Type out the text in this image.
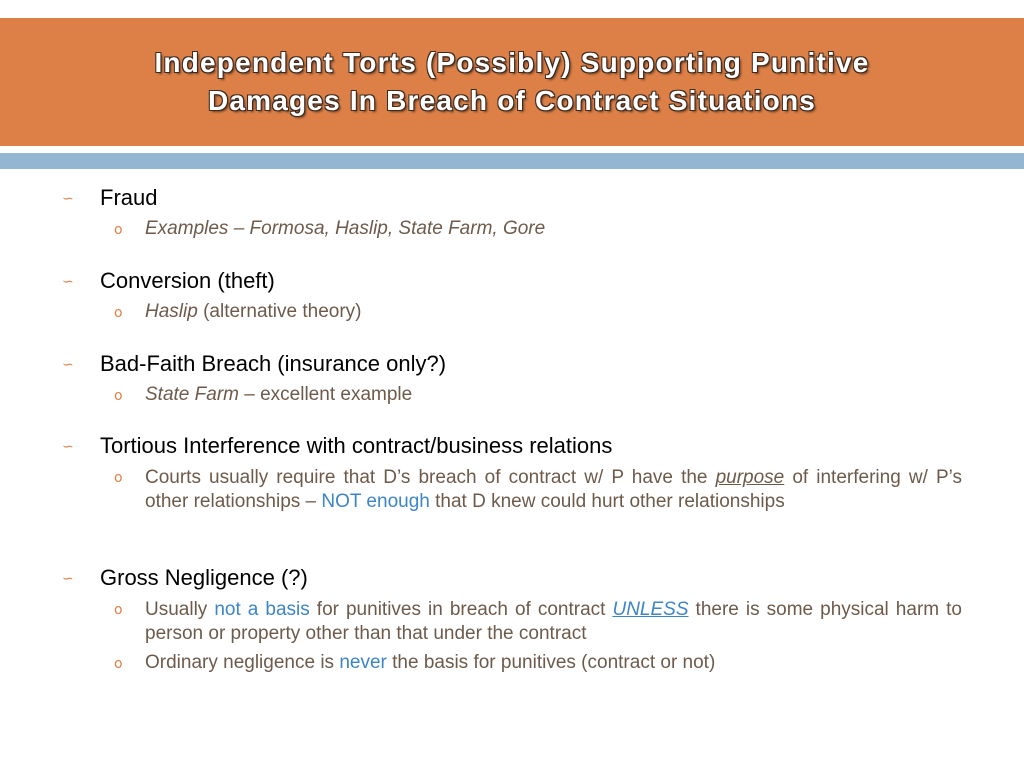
Independent Torts (Possibly) Supporting Punitive
Damages In Breach of Contract Situations
∽ Fraud
o Examples – Formosa, Haslip, State Farm, Gore
∽ Conversion (theft)
o Haslip (alternative theory)
∽ Bad-Faith Breach (insurance only?)
o State Farm – excellent example
∽ Tortious Interference with contract/business relations
o Courts usually require that D’s breach of contract w/ P have the purpose of interfering w/ P’s other relationships – NOT enough that D knew could hurt other relationships
∽ Gross Negligence (?)
o Usually not a basis for punitives in breach of contract UNLESS there is some physical harm to person or property other than that under the contract
o Ordinary negligence is never the basis for punitives (contract or not)
